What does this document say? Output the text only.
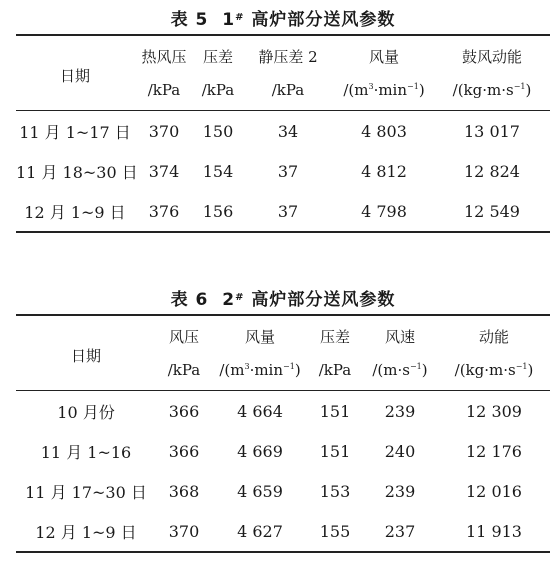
表 5 1# 高炉部分送风参数
日期	热风压	压差	静压差 2	风量	鼓风动能
	/kPa	/kPa	/kPa	$/(m^3\cdot\min^{-1})$	$/(kg\cdot m\cdot s^{-1})$
11 月 1~17 日	370	150	34	4 803	13 017
11 月 18~30 日	374	154	37	4 812	12 824
12 月 1~9 日	376	156	37	4 798	12 549
表 6 2# 高炉部分送风参数
日期	风压	风量	压差	风速	动能
	/kPa	$/(m^3\cdot\min^{-1})$	/kPa	$/(m\cdot s^{-1})$	$/(kg\cdot m\cdot s^{-1})$
10 月份	366	4 664	151	239	12 309
11 月 1~16	366	4 669	151	240	12 176
11 月 17~30 日	368	4 659	153	239	12 016
12 月 1~9 日	370	4 627	155	237	11 913
